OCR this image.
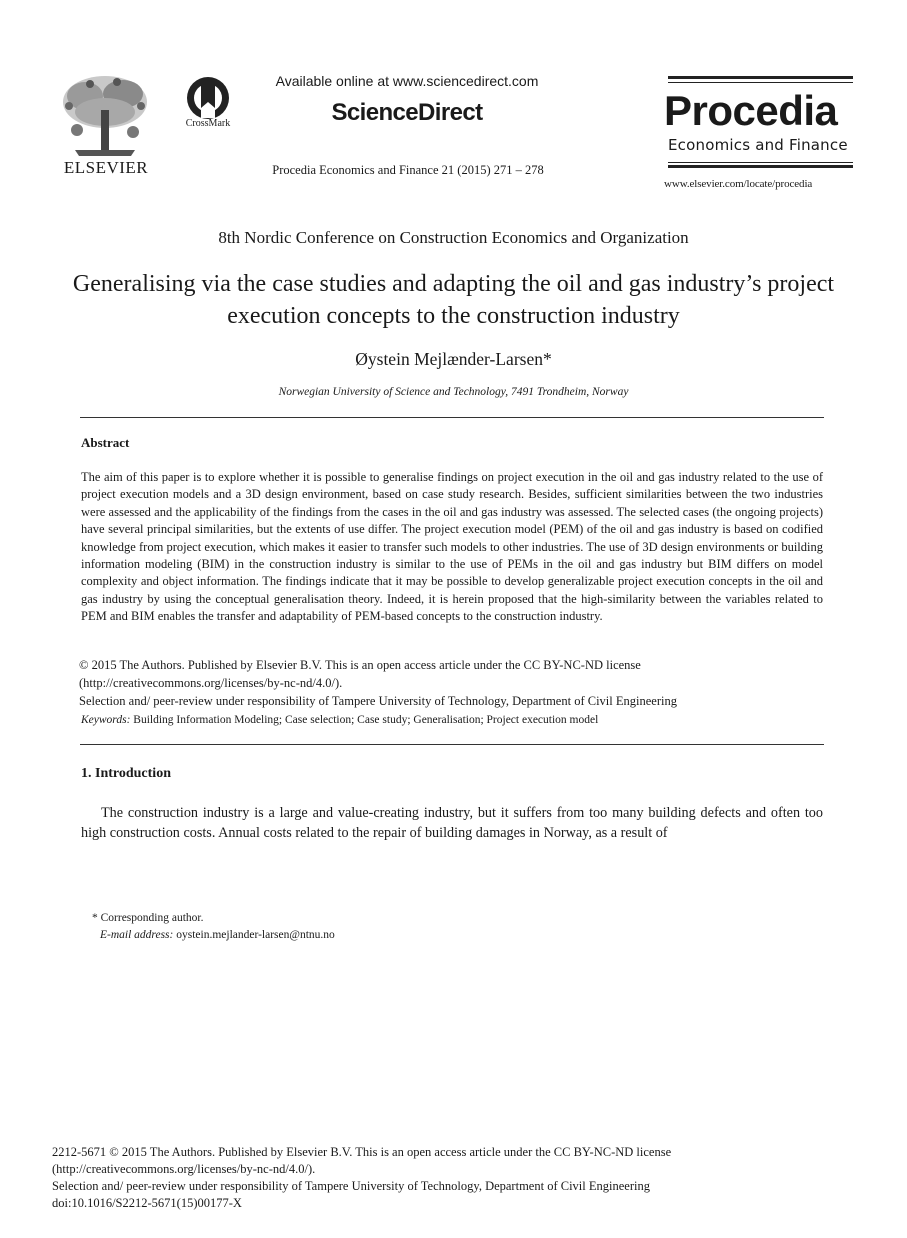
ELSEVIER
CrossMark
Available online at www.sciencedirect.com
ScienceDirect
Procedia Economics and Finance 21 (2015) 271 – 278
Procedia
Economics and Finance
www.elsevier.com/locate/procedia
8th Nordic Conference on Construction Economics and Organization
Generalising via the case studies and adapting the oil and gas industry’s project execution concepts to the construction industry
Øystein Mejlænder-Larsen*
Norwegian University of Science and Technology, 7491 Trondheim, Norway
Abstract
The aim of this paper is to explore whether it is possible to generalise findings on project execution in the oil and gas industry related to the use of project execution models and a 3D design environment, based on case study research. Besides, sufficient similarities between the two industries were assessed and the applicability of the findings from the cases in the oil and gas industry was assessed. The selected cases (the ongoing projects) have several principal similarities, but the extents of use differ. The project execution model (PEM) of the oil and gas industry is based on codified knowledge from project execution, which makes it easier to transfer such models to other industries. The use of 3D design environments or building information modeling (BIM) in the construction industry is similar to the use of PEMs in the oil and gas industry but BIM differs on model complexity and object information. The findings indicate that it may be possible to develop generalizable project execution concepts in the oil and gas industry by using the conceptual generalisation theory. Indeed, it is herein proposed that the high-similarity between the variables related to PEM and BIM enables the transfer and adaptability of PEM-based concepts to the construction industry.
© 2015 The Authors. Published by Elsevier B.V. This is an open access article under the CC BY-NC-ND license
(http://creativecommons.org/licenses/by-nc-nd/4.0/).
Selection and/ peer-review under responsibility of Tampere University of Technology, Department of Civil Engineering
Keywords: Building Information Modeling; Case selection; Case study; Generalisation; Project execution model
1. Introduction
The construction industry is a large and value-creating industry, but it suffers from too many building defects and often too high construction costs. Annual costs related to the repair of building damages in Norway, as a result of
* Corresponding author.
E-mail address: oystein.mejlander-larsen@ntnu.no
2212-5671 © 2015 The Authors. Published by Elsevier B.V. This is an open access article under the CC BY-NC-ND license
(http://creativecommons.org/licenses/by-nc-nd/4.0/).
Selection and/ peer-review under responsibility of Tampere University of Technology, Department of Civil Engineering
doi:10.1016/S2212-5671(15)00177-X
